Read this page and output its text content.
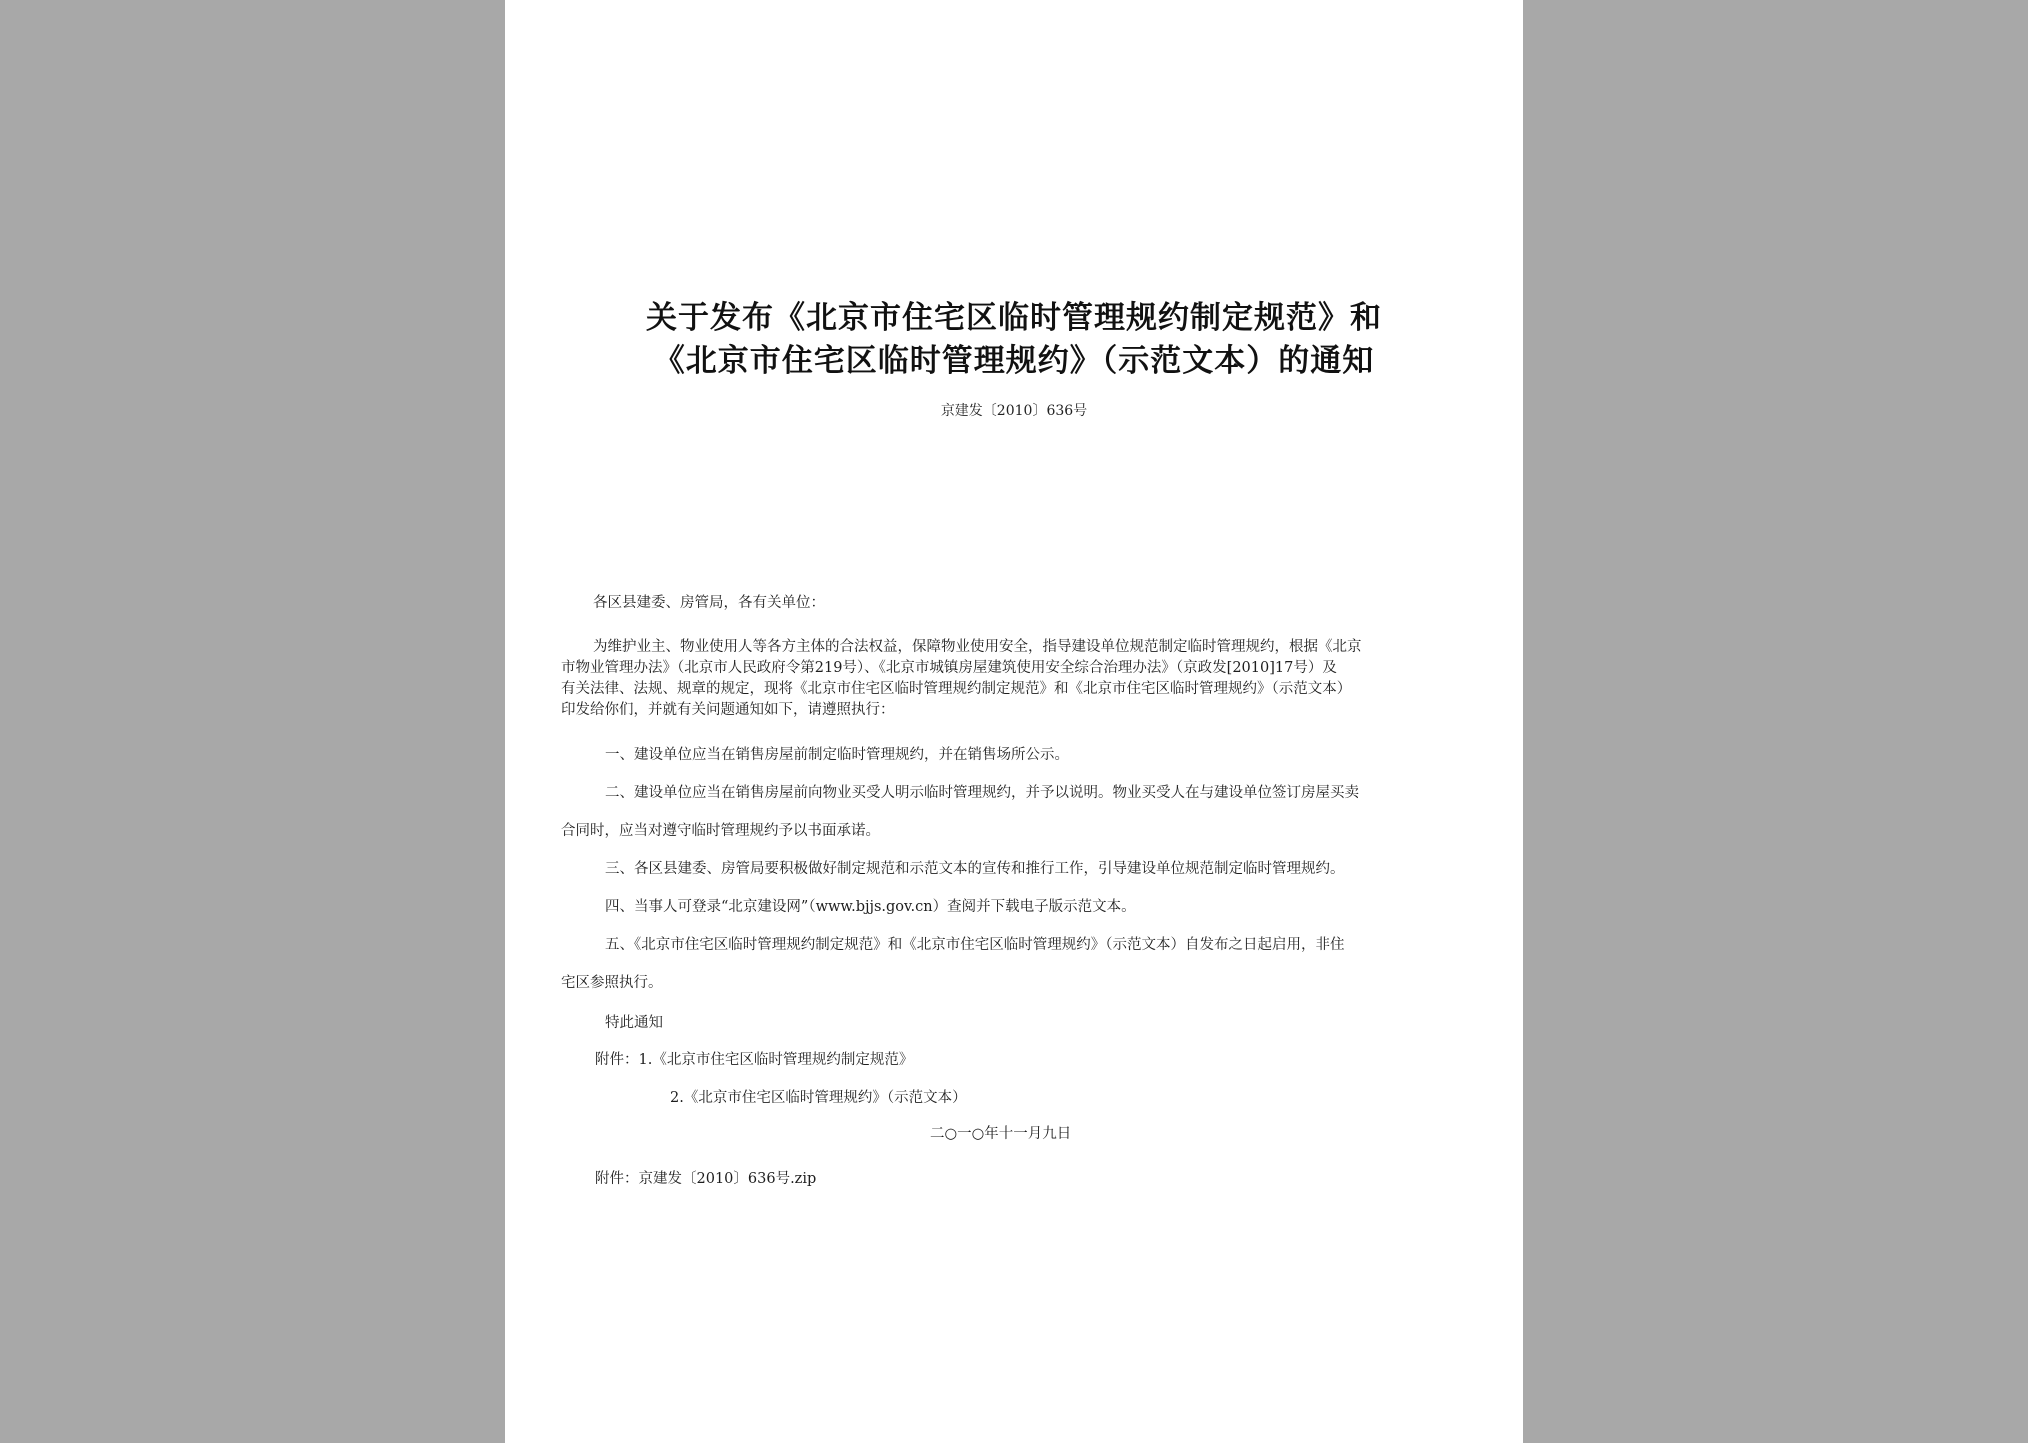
关于发布《北京市住宅区临时管理规约制定规范》和
《北京市住宅区临时管理规约》（示范文本）的通知
京建发〔2010〕636号
各区县建委、房管局，各有关单位：
为维护业主、物业使用人等各方主体的合法权益，保障物业使用安全，指导建设单位规范制定临时管理规约，根据《北京
市物业管理办法》（北京市人民政府令第219号）、《北京市城镇房屋建筑使用安全综合治理办法》（京政发[2010]17号）及
有关法律、法规、规章的规定，现将《北京市住宅区临时管理规约制定规范》和《北京市住宅区临时管理规约》（示范文本）
印发给你们，并就有关问题通知如下，请遵照执行：
一、建设单位应当在销售房屋前制定临时管理规约，并在销售场所公示。
二、建设单位应当在销售房屋前向物业买受人明示临时管理规约，并予以说明。物业买受人在与建设单位签订房屋买卖
合同时，应当对遵守临时管理规约予以书面承诺。
三、各区县建委、房管局要积极做好制定规范和示范文本的宣传和推行工作，引导建设单位规范制定临时管理规约。
四、当事人可登录“北京建设网”（www.bjjs.gov.cn）查阅并下载电子版示范文本。
五、《北京市住宅区临时管理规约制定规范》和《北京市住宅区临时管理规约》（示范文本）自发布之日起启用，非住
宅区参照执行。
特此通知
附件：1.《北京市住宅区临时管理规约制定规范》
2.《北京市住宅区临时管理规约》（示范文本）
二○一○年十一月九日
附件：京建发〔2010〕636号.zip
